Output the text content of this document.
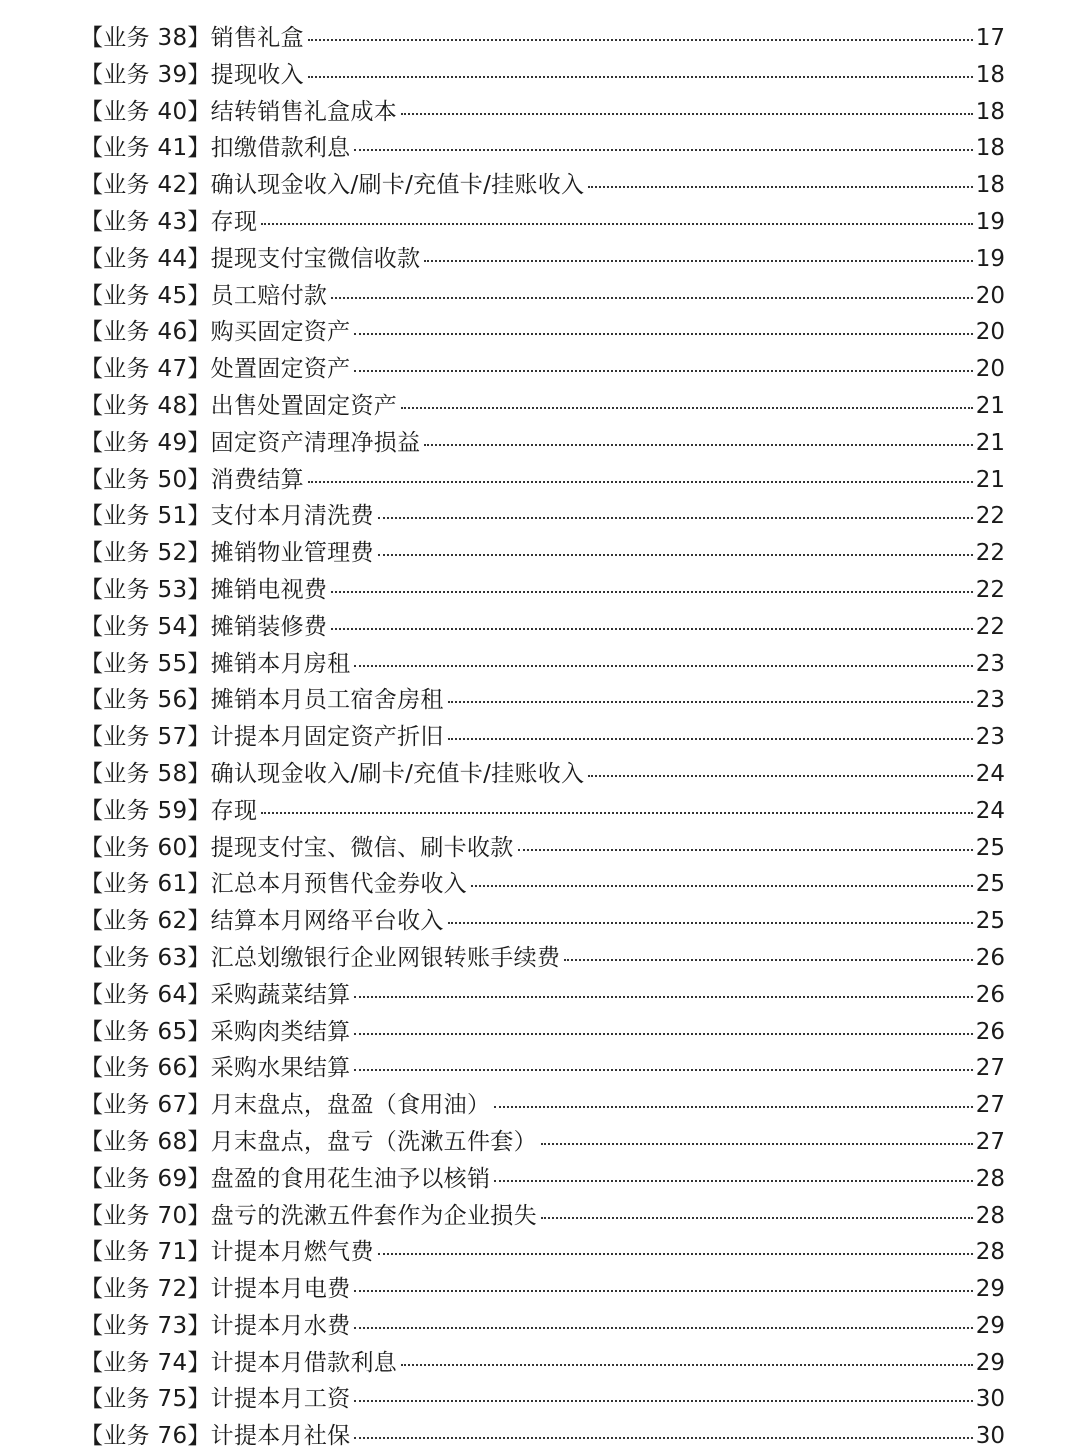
【业务 38】销售礼盒	17
【业务 39】提现收入	18
【业务 40】结转销售礼盒成本	18
【业务 41】扣缴借款利息	18
【业务 42】确认现金收入/刷卡/充值卡/挂账收入	18
【业务 43】存现	19
【业务 44】提现支付宝微信收款	19
【业务 45】员工赔付款	20
【业务 46】购买固定资产	20
【业务 47】处置固定资产	20
【业务 48】出售处置固定资产	21
【业务 49】固定资产清理净损益	21
【业务 50】消费结算	21
【业务 51】支付本月清洗费	22
【业务 52】摊销物业管理费	22
【业务 53】摊销电视费	22
【业务 54】摊销装修费	22
【业务 55】摊销本月房租	23
【业务 56】摊销本月员工宿舍房租	23
【业务 57】计提本月固定资产折旧	23
【业务 58】确认现金收入/刷卡/充值卡/挂账收入	24
【业务 59】存现	24
【业务 60】提现支付宝、微信、刷卡收款	25
【业务 61】汇总本月预售代金券收入	25
【业务 62】结算本月网络平台收入	25
【业务 63】汇总划缴银行企业网银转账手续费	26
【业务 64】采购蔬菜结算	26
【业务 65】采购肉类结算	26
【业务 66】采购水果结算	27
【业务 67】月末盘点，盘盈（食用油）	27
【业务 68】月末盘点，盘亏（洗漱五件套）	27
【业务 69】盘盈的食用花生油予以核销	28
【业务 70】盘亏的洗漱五件套作为企业损失	28
【业务 71】计提本月燃气费	28
【业务 72】计提本月电费	29
【业务 73】计提本月水费	29
【业务 74】计提本月借款利息	29
【业务 75】计提本月工资	30
【业务 76】计提本月社保	30
